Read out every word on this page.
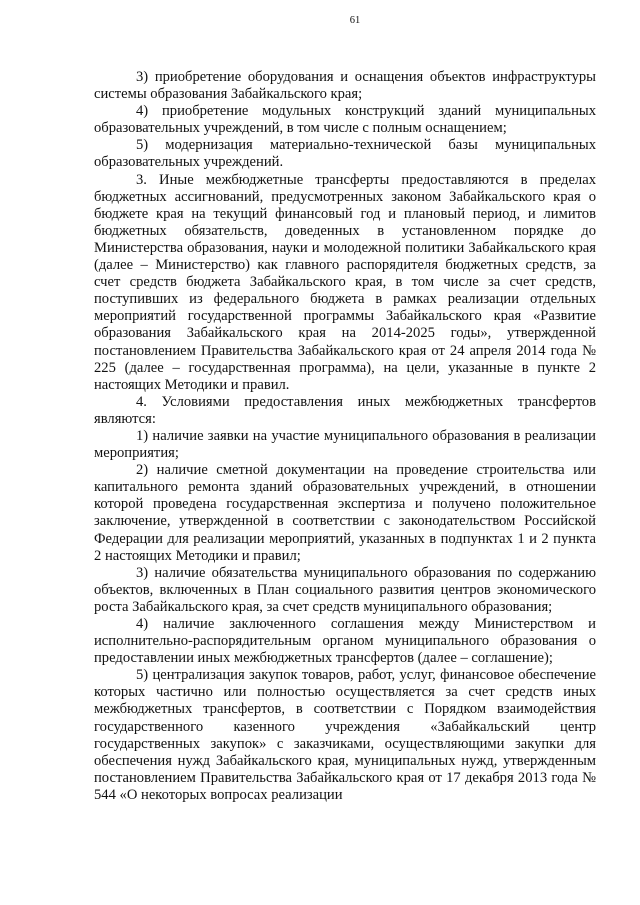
61

3) приобретение оборудования и оснащения объектов инфраструктуры системы образования Забайкальского края;

4) приобретение модульных конструкций зданий муниципальных образовательных учреждений, в том числе с полным оснащением;

5) модернизация материально-технической базы муниципальных образовательных учреждений.

3. Иные межбюджетные трансферты предоставляются в пределах бюджетных ассигнований, предусмотренных законом Забайкальского края о бюджете края на текущий финансовый год и плановый период, и лимитов бюджетных обязательств, доведенных в установленном порядке до Министерства образования, науки и молодежной политики Забайкальского края (далее – Министерство) как главного распорядителя бюджетных средств, за счет средств бюджета Забайкальского края, в том числе за счет средств, поступивших из федерального бюджета в рамках реализации отдельных мероприятий государственной программы Забайкальского края «Развитие образования Забайкальского края на 2014-2025 годы», утвержденной постановлением Правительства Забайкальского края от 24 апреля 2014 года № 225 (далее – государственная программа), на цели, указанные в пункте 2 настоящих Методики и правил.

4. Условиями предоставления иных межбюджетных трансфертов являются:

1) наличие заявки на участие муниципального образования в реализации мероприятия;

2) наличие сметной документации на проведение строительства или капитального ремонта зданий образовательных учреждений, в отношении которой проведена государственная экспертиза и получено положительное заключение, утвержденной в соответствии с законодательством Российской Федерации для реализации мероприятий, указанных в подпунктах 1 и 2 пункта 2 настоящих Методики и правил;

3) наличие обязательства муниципального образования по содержанию объектов, включенных в План социального развития центров экономического роста Забайкальского края, за счет средств муниципального образования;

4) наличие заключенного соглашения между Министерством и исполнительно-распорядительным органом муниципального образования о предоставлении иных межбюджетных трансфертов (далее – соглашение);

5) централизация закупок товаров, работ, услуг, финансовое обеспечение которых частично или полностью осуществляется за счет средств иных межбюджетных трансфертов, в соответствии с Порядком взаимодействия государственного казенного учреждения «Забайкальский центр государственных закупок» с заказчиками, осуществляющими закупки для обеспечения нужд Забайкальского края, муниципальных нужд, утвержденным постановлением Правительства Забайкальского края от 17 декабря 2013 года № 544 «О некоторых вопросах реализации
